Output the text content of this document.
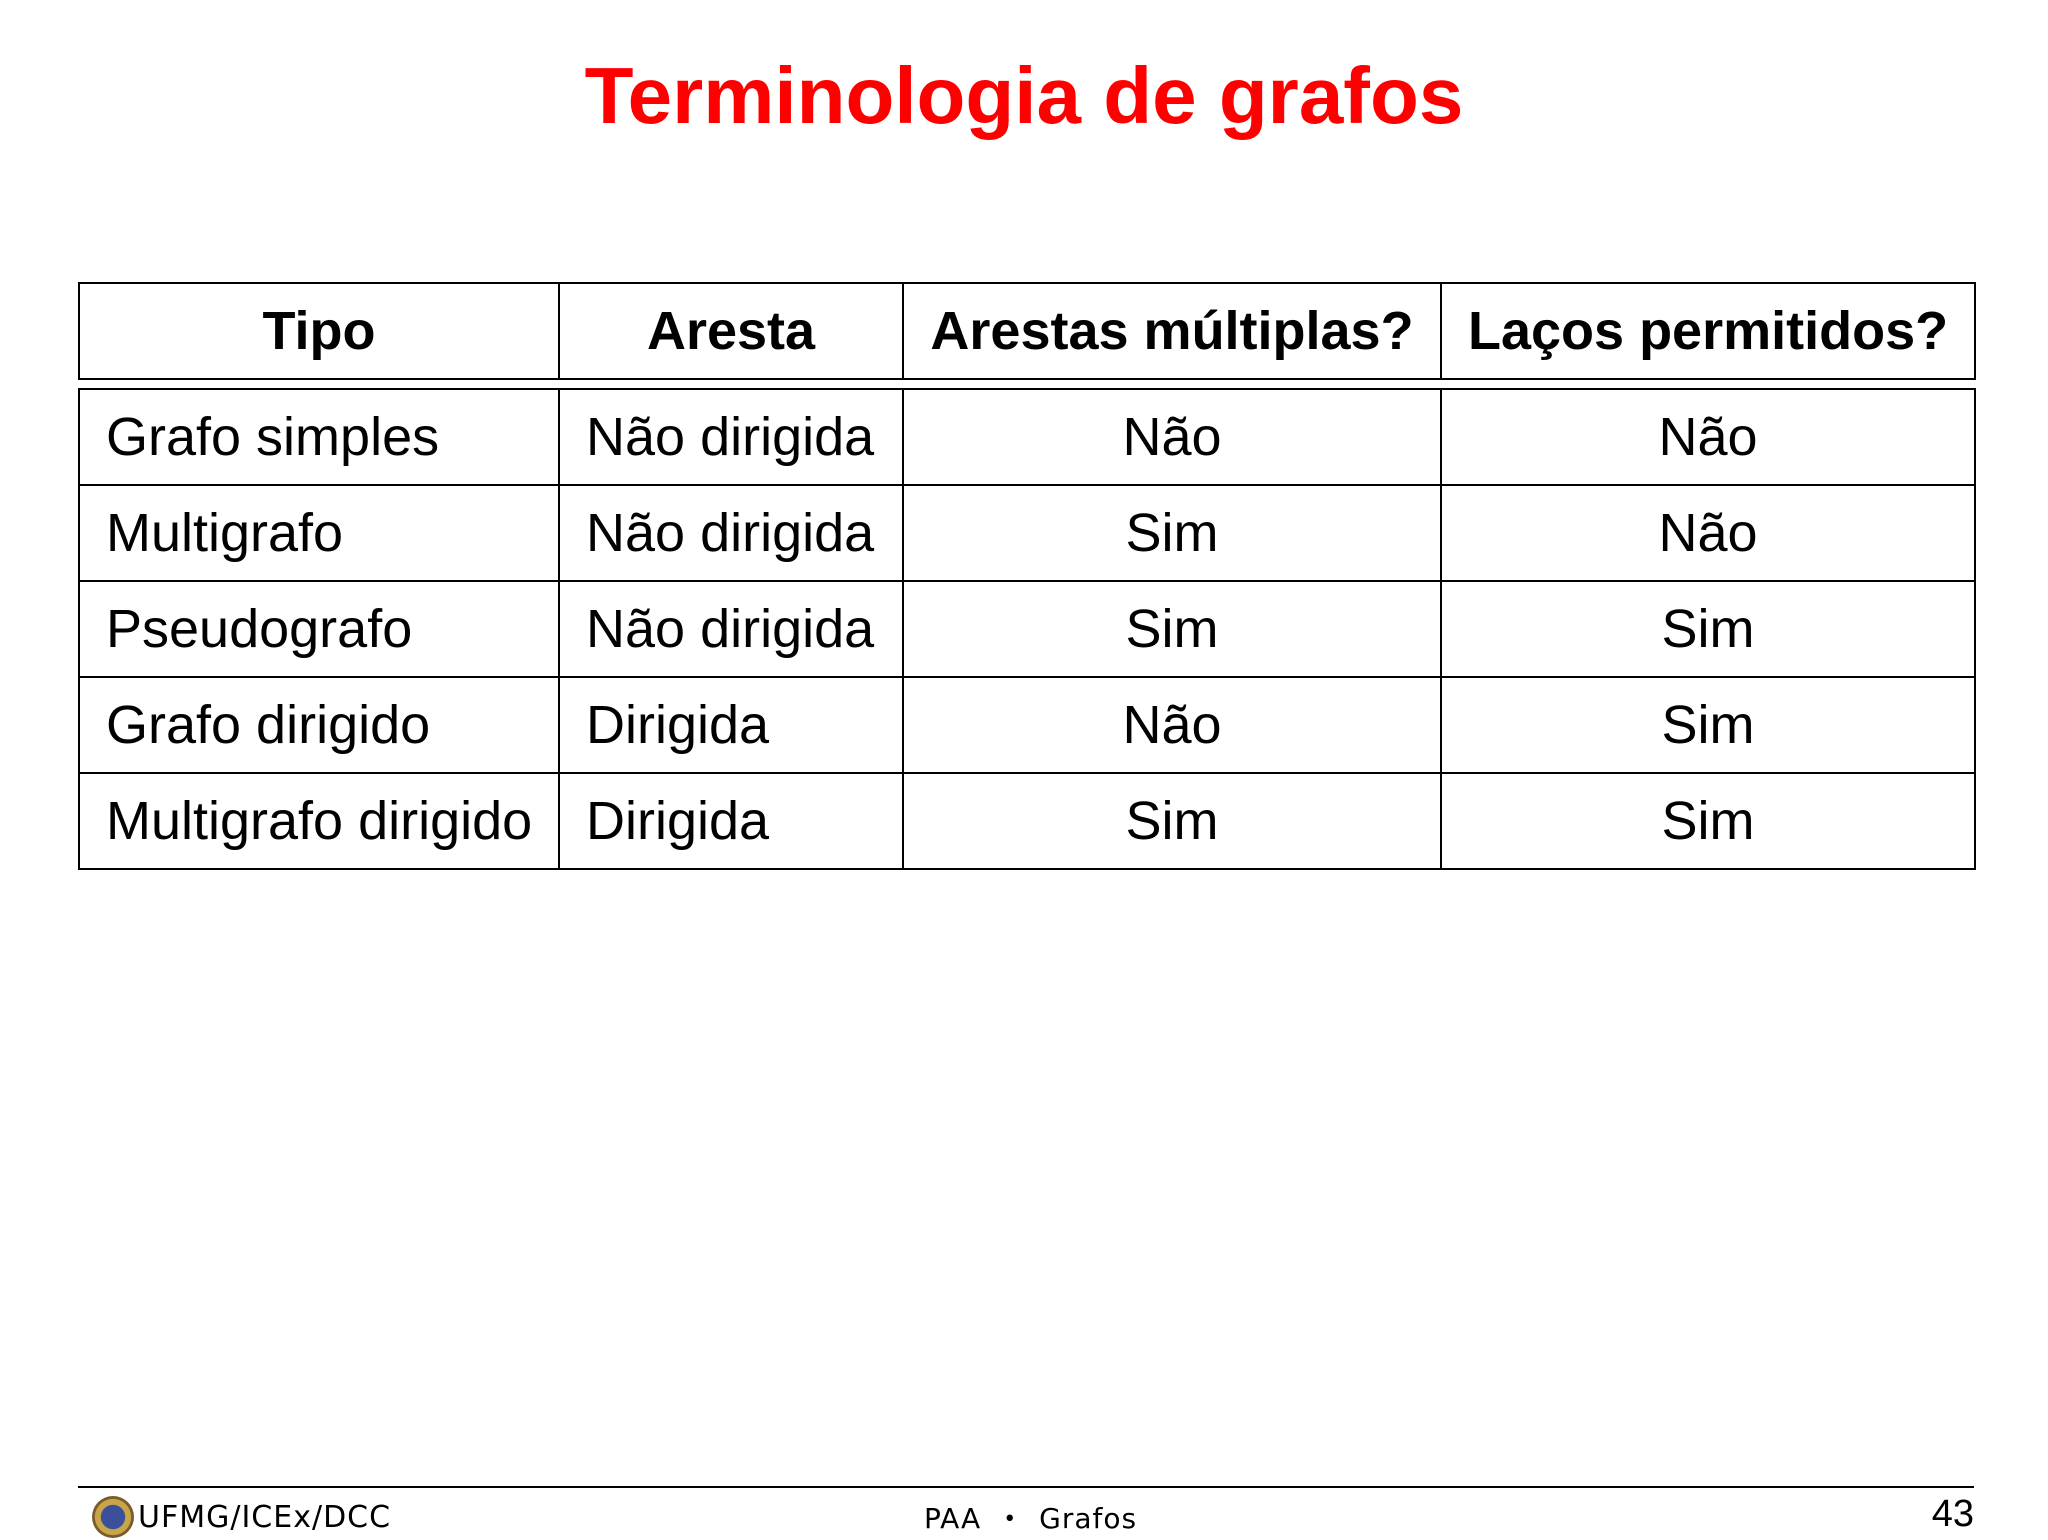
Terminologia de grafos
Tipo	Aresta	Arestas múltiplas?	Laços permitidos?

Grafo simples	Não dirigida	Não	Não
Multigrafo	Não dirigida	Sim	Não
Pseudografo	Não dirigida	Sim	Sim
Grafo dirigido	Dirigida	Não	Sim
Multigrafo dirigido	Dirigida	Sim	Sim
UFMG/ICEx/DCC	PAA • Grafos	43
